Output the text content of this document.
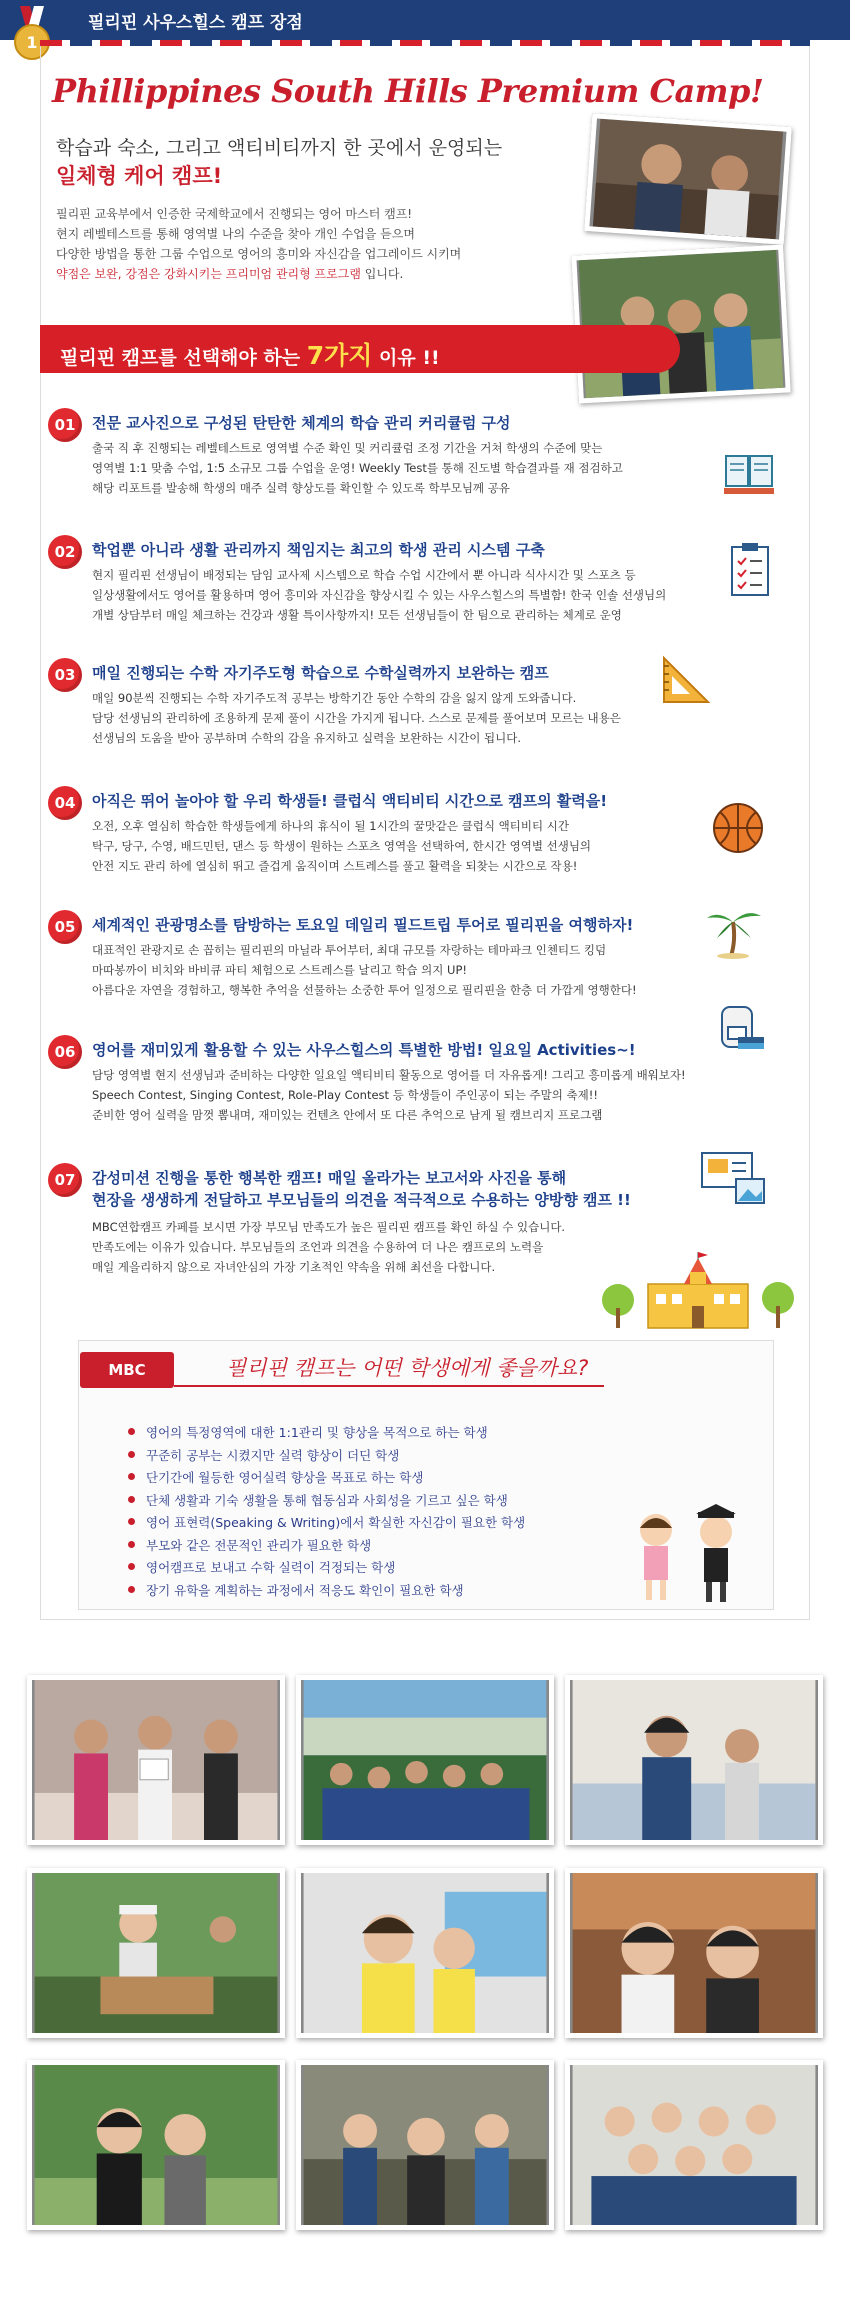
1
필리핀 사우스힐스 캠프 장점
Phillippines South Hills Premium Camp!
학습과 숙소, 그리고 액티비티까지 한 곳에서 운영되는
일체형 케어 캠프!
필리핀 교육부에서 인증한 국제학교에서 진행되는 영어 마스터 캠프!
현지 레벨테스트를 통해 영역별 나의 수준을 찾아 개인 수업을 듣으며
다양한 방법을 통한 그룹 수업으로 영어의 흥미와 자신감을 업그레이드 시키며
약점은 보완, 강점은 강화시키는 프리미엄 관리형 프로그램 입니다.
필리핀 캠프를 선택해야 하는 7가지 이유 !!
01	전문 교사진으로 구성된 탄탄한 체계의 학습 관리 커리큘럼 구성
출국 직 후 진행되는 레벨테스트로 영역별 수준 확인 및 커리큘럼 조정 기간을 거쳐 학생의 수준에 맞는
영역별 1:1 맞춤 수업, 1:5 소규모 그룹 수업을 운영! Weekly Test를 통해 진도별 학습결과를 재 점검하고
해당 리포트를 발송해 학생의 매주 실력 향상도를 확인할 수 있도록 학부모님께 공유
02	학업뿐 아니라 생활 관리까지 책임지는 최고의 학생 관리 시스템 구축
현지 필리핀 선생님이 배정되는 담임 교사제 시스템으로 학습 수업 시간에서 뿐 아니라 식사시간 및 스포츠 등
일상생활에서도 영어를 활용하며 영어 흥미와 자신감을 향상시킬 수 있는 사우스힐스의 특별함! 한국 인솔 선생님의
개별 상담부터 매일 체크하는 건강과 생활 특이사항까지! 모든 선생님들이 한 팀으로 관리하는 체계로 운영
03	매일 진행되는 수학 자기주도형 학습으로 수학실력까지 보완하는 캠프
매일 90분씩 진행되는 수학 자기주도적 공부는 방학기간 동안 수학의 감을 잃지 않게 도와줍니다.
담당 선생님의 관리하에 조용하게 문제 풀이 시간을 가지게 됩니다. 스스로 문제를 풀어보며 모르는 내용은
선생님의 도움을 받아 공부하며 수학의 감을 유지하고 실력을 보완하는 시간이 됩니다.
04	아직은 뛰어 놀아야 할 우리 학생들! 클럽식 액티비티 시간으로 캠프의 활력을!
오전, 오후 열심히 학습한 학생들에게 하나의 휴식이 될 1시간의 꿀맛같은 클럽식 액티비티 시간
탁구, 당구, 수영, 배드민턴, 댄스 등 학생이 원하는 스포츠 영역을 선택하여, 한시간 영역별 선생님의
안전 지도 관리 하에 열심히 뛰고 즐겁게 움직이며 스트레스를 풀고 활력을 되찾는 시간으로 작용!
05	세계적인 관광명소를 탐방하는 토요일 데일리 필드트립 투어로 필리핀을 여행하자!
대표적인 관광지로 손 꼽히는 필리핀의 마닐라 투어부터, 최대 규모를 자랑하는 테마파크 인첸티드 킹덤
마따봉까이 비치와 바비큐 파티 체험으로 스트레스를 날리고 학습 의지 UP!
아름다운 자연을 경험하고, 행복한 추억을 선물하는 소중한 투어 일정으로 필리핀을 한층 더 가깝게 영행한다!
06	영어를 재미있게 활용할 수 있는 사우스힐스의 특별한 방법! 일요일 Activities~!
담당 영역별 현지 선생님과 준비하는 다양한 일요일 액티비티 활동으로 영어를 더 자유롭게! 그리고 흥미롭게 배워보자!
Speech Contest, Singing Contest, Role-Play Contest 등 학생들이 주인공이 되는 주말의 축제!!
준비한 영어 실력을 맘껏 뽐내며, 재미있는 컨텐츠 안에서 또 다른 추억으로 남게 될 캠브리지 프로그램
07	감성미션 진행을 통한 행복한 캠프! 매일 올라가는 보고서와 사진을 통해
현장을 생생하게 전달하고 부모님들의 의견을 적극적으로 수용하는 양방향 캠프 !!
MBC연합캠프 카페를 보시면 가장 부모님 만족도가 높은 필리핀 캠프를 확인 하실 수 있습니다.
만족도에는 이유가 있습니다. 부모님들의 조언과 의견을 수용하여 더 나은 캠프로의 노력을
매일 게을리하지 않으로 자녀안심의 가장 기초적인 약속을 위해 최선을 다합니다.
MBC	필리핀 캠프는 어떤 학생에게 좋을까요?
영어의 특정영역에 대한 1:1관리 및 향상을 목적으로 하는 학생
꾸준히 공부는 시켰지만 실력 향상이 더딘 학생
단기간에 월등한 영어실력 향상을 목표로 하는 학생
단체 생활과 기숙 생활을 통해 협동심과 사회성을 기르고 싶은 학생
영어 표현력(Speaking & Writing)에서 확실한 자신감이 필요한 학생
부모와 같은 전문적인 관리가 필요한 학생
영어캠프로 보내고 수학 실력이 걱정되는 학생
장기 유학을 계획하는 과정에서 적응도 확인이 필요한 학생
